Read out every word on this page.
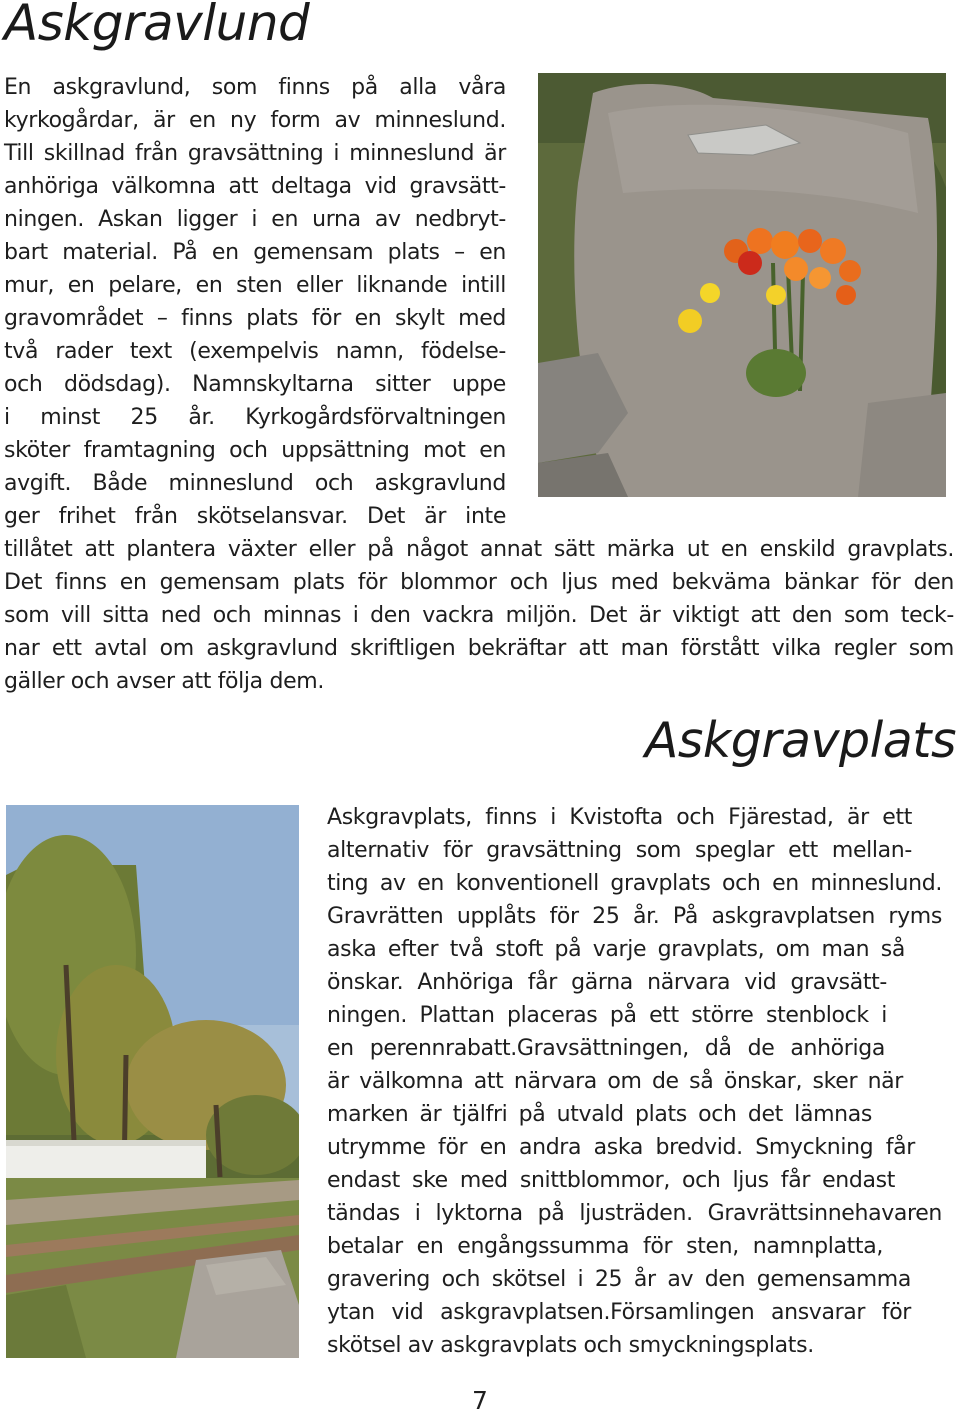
Askgravlund

En askgravlund, som finns på alla våra

kyrkogårdar, är en ny form av minneslund.

Till skillnad från gravsättning i minneslund är

anhöriga välkomna att deltaga vid gravsätt-

ningen. Askan ligger i en urna av nedbryt-

bart material. På en gemensam plats – en

mur, en pelare, en sten eller liknande intill

gravområdet – finns plats för en skylt med

två rader text (exempelvis namn, födelse-

och dödsdag). Namnskyltarna sitter uppe

i minst 25 år. Kyrkogårdsförvaltningen

sköter framtagning och uppsättning mot en

avgift. Både minneslund och askgravlund

ger frihet från skötselansvar. Det är inte

tillåtet att plantera växter eller på något annat sätt märka ut en enskild gravplats.

Det finns en gemensam plats för blommor och ljus med bekväma bänkar för den

som vill sitta ned och minnas i den vackra miljön. Det är viktigt att den som teck-

nar ett avtal om askgravlund skriftligen bekräftar att man förstått vilka regler som

gäller och avser att följa dem.

Askgravplats

Askgravplats, finns i Kvistofta och Fjärestad, är ett

alternativ för gravsättning som speglar ett mellan-

ting av en konventionell gravplats och en minneslund.

Gravrätten upplåts för 25 år. På askgravplatsen ryms

aska efter två stoft på varje gravplats, om man så

önskar. Anhöriga får gärna närvara vid gravsätt-

ningen. Plattan placeras på ett större stenblock i

en perennrabatt.Gravsättningen, då de anhöriga

är välkomna att närvara om de så önskar, sker när

marken är tjälfri på utvald plats och det lämnas

utrymme för en andra aska bredvid. Smyckning får

endast ske med snittblommor, och ljus får endast

tändas i lyktorna på ljusträden. Gravrättsinnehavaren

betalar en engångssumma för sten, namnplatta,

gravering och skötsel i 25 år av den gemensamma

ytan vid askgravplatsen.Församlingen ansvarar för

skötsel av askgravplats och smyckningsplats.

7
